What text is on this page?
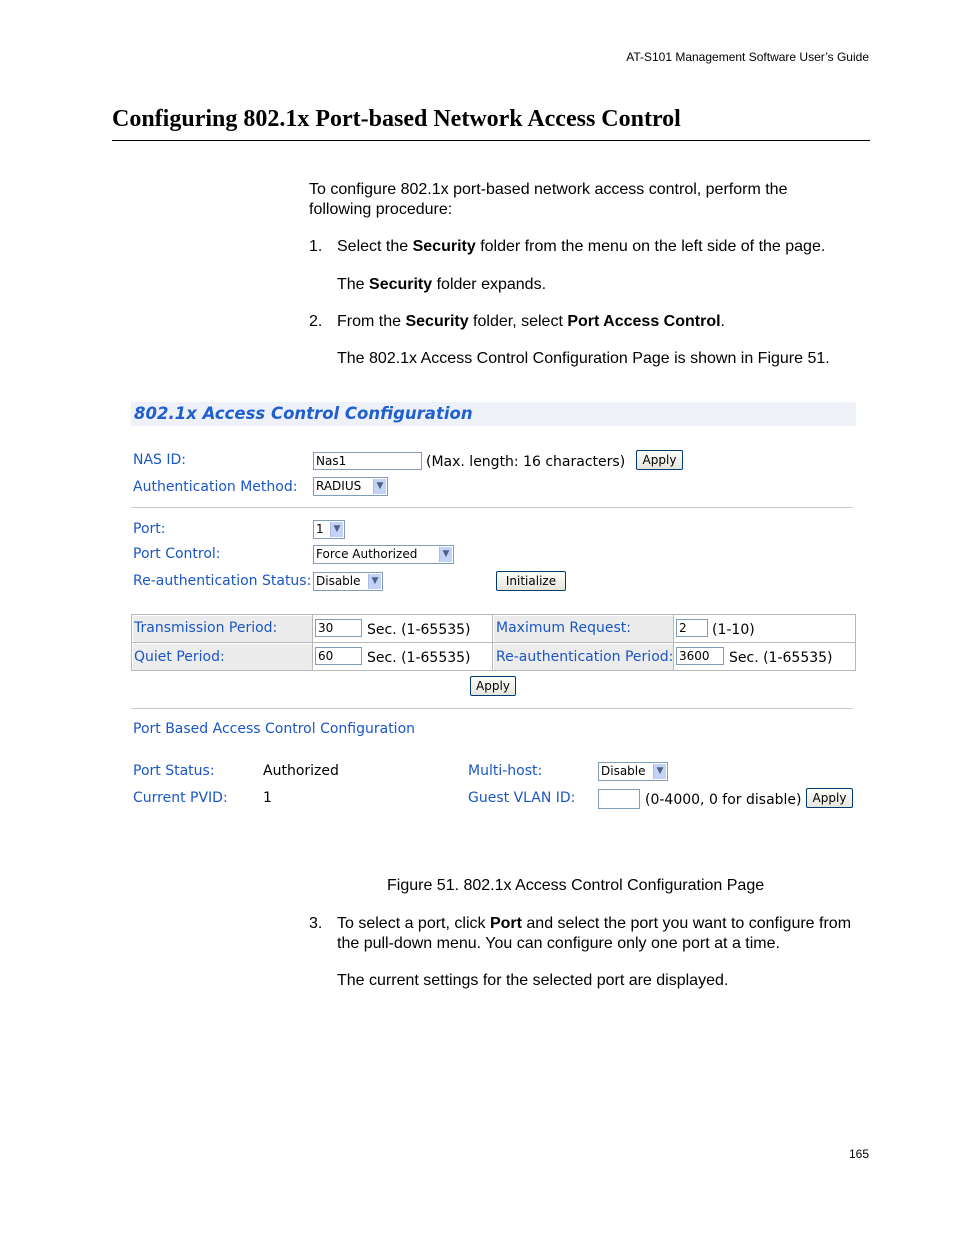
AT-S101 Management Software User’s Guide
Configuring 802.1x Port-based Network Access Control
To configure 802.1x port-based network access control, perform the following procedure:
1. Select the Security folder from the menu on the left side of the page.
The Security folder expands.
2. From the Security folder, select Port Access Control.
The 802.1x Access Control Configuration Page is shown in Figure 51.
802.1x Access Control Configuration
NAS ID:	Nas1	(Max. length: 16 characters)	Apply
Authentication Method: RADIUS	▼
Port:	1	▼
Port Control:	Force Authorized	▼
Re-authentication Status: Disable	▼	Initialize
Transmission Period:	30	Sec. (1-65535) Maximum Request:	2	(1-10)
Quiet Period:	60	Sec. (1-65535) Re-authentication Period: 3600	Sec. (1-65535)
Apply
Port Based Access Control Configuration
Port Status:	Authorized	Multi-host:	Disable	▼
Current PVID:	1	Guest VLAN ID:	(0-4000, 0 for disable) Apply
Figure 51. 802.1x Access Control Configuration Page
3. To select a port, click Port and select the port you want to configure from the pull-down menu. You can configure only one port at a time.
The current settings for the selected port are displayed.
165
